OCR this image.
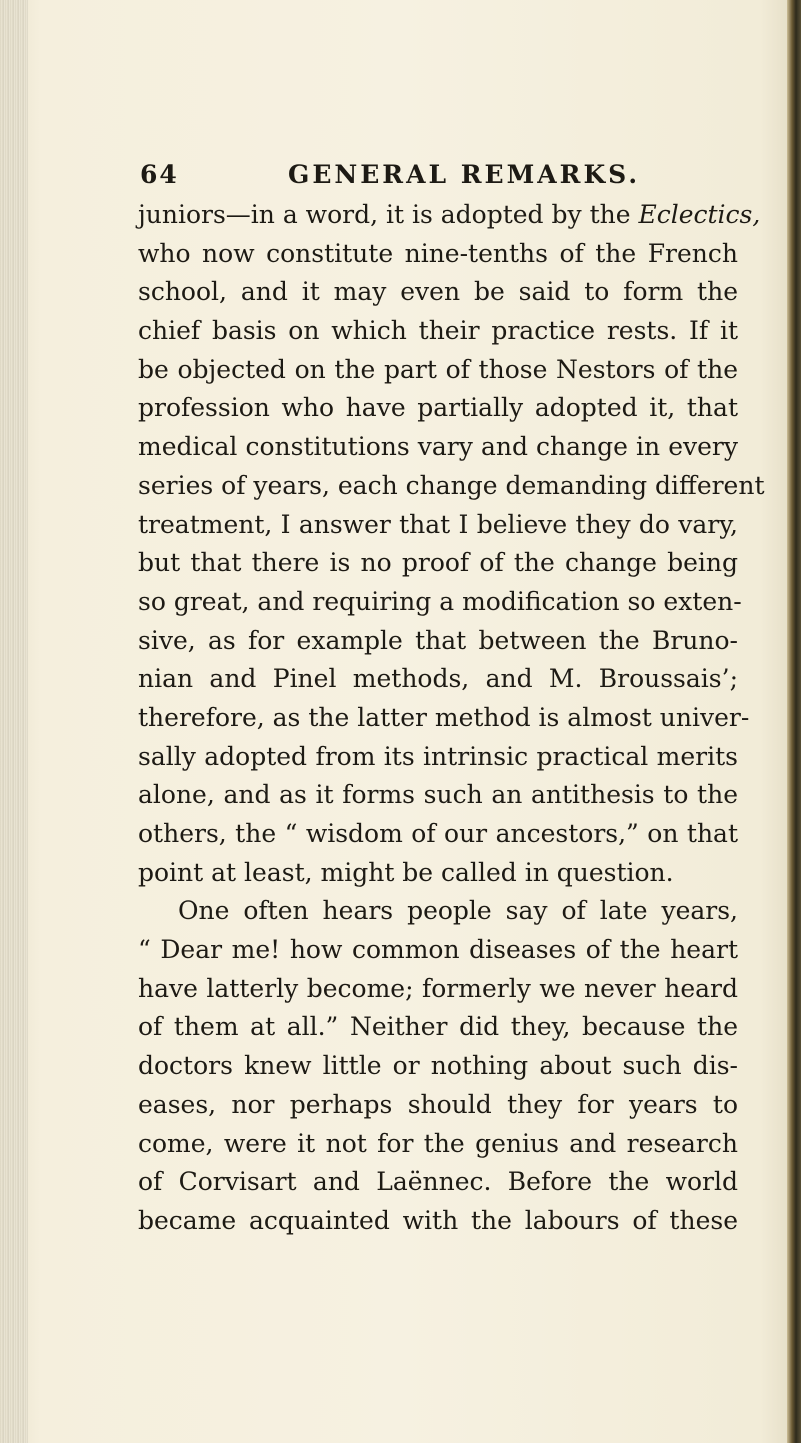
64	GENERAL REMARKS.
juniors—in a word, it is adopted by the Eclectics,
who now constitute nine-tenths of the French
school, and it may even be said to form the
chief basis on which their practice rests. If it
be objected on the part of those Nestors of the
profession who have partially adopted it, that
medical constitutions vary and change in every
series of years, each change demanding different
treatment, I answer that I believe they do vary,
but that there is no proof of the change being
so great, and requiring a modification so exten-
sive, as for example that between the Bruno-
nian and Pinel methods, and M. Broussais’;
therefore, as the latter method is almost univer-
sally adopted from its intrinsic practical merits
alone, and as it forms such an antithesis to the
others, the “ wisdom of our ancestors,” on that
point at least, might be called in question.
One often hears people say of late years,
“ Dear me! how common diseases of the heart
have latterly become; formerly we never heard
of them at all.” Neither did they, because the
doctors knew little or nothing about such dis-
eases, nor perhaps should they for years to
come, were it not for the genius and research
of Corvisart and Laënnec. Before the world
became acquainted with the labours of these
